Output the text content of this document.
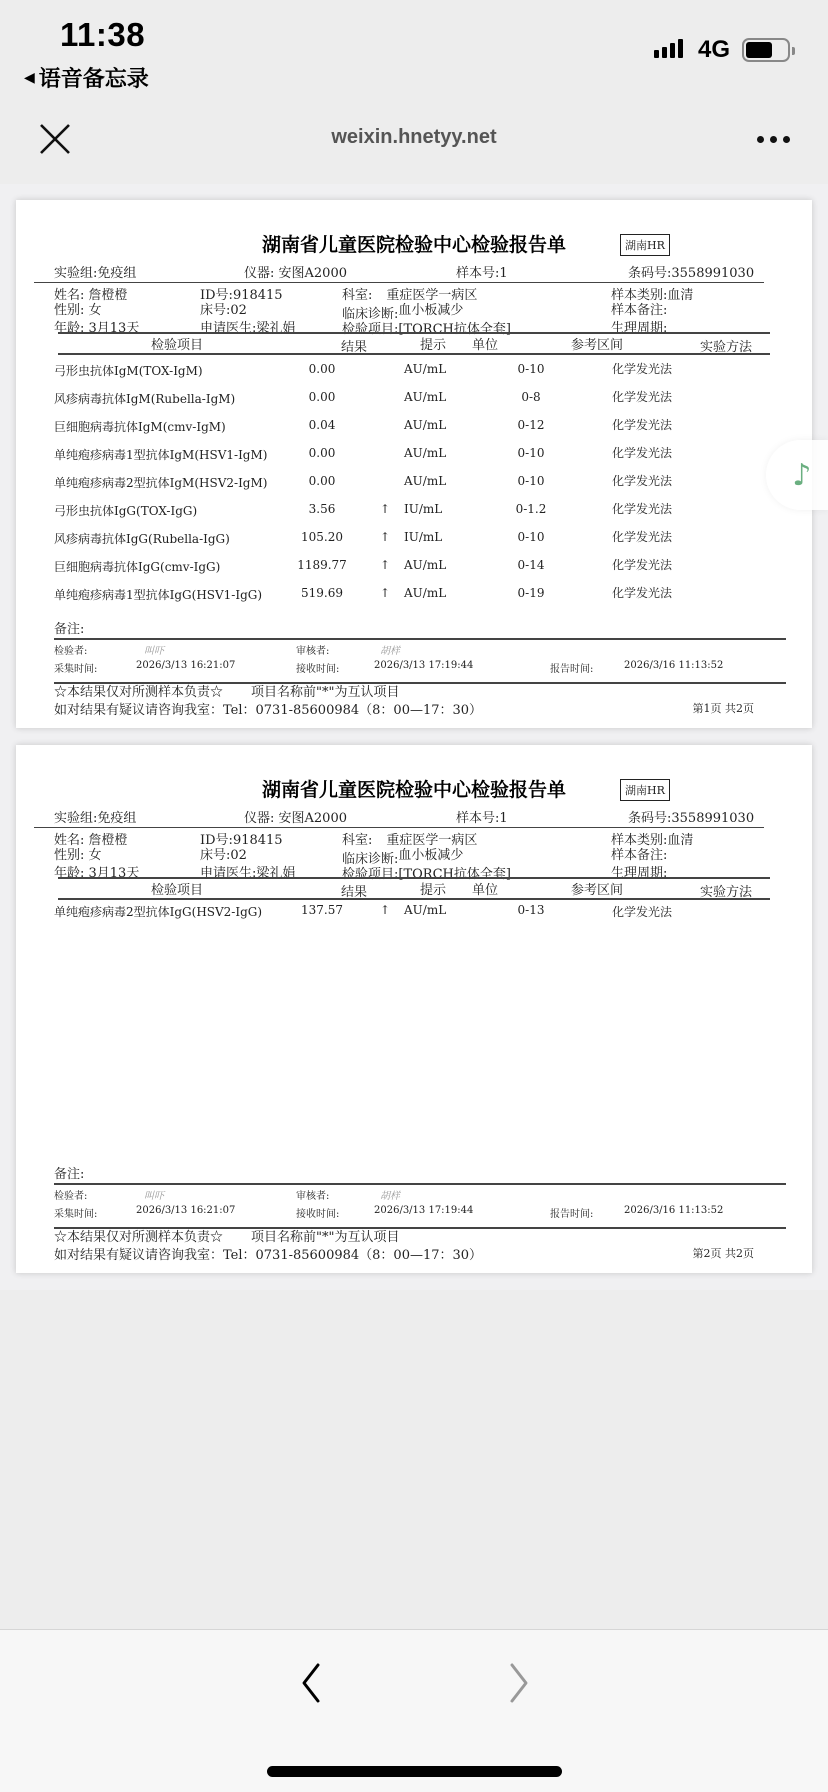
11:38
◀ 语音备忘录
4G
weixin.hnetyy.net
湖南省儿童医院检验中心检验报告单	湖南HR
实验组:免疫组	仪器: 安图A2000	样本号:1	条码号:3558991030
姓名: 詹橙橙
性别: 女
年龄: 3月13天
ID号:918415
床号:02
申请医生:梁礼娟
科室: 重症医学一病区
临床诊断:血小板减少
检验项目:[TORCH抗体全套]
样本类别:血清
样本备注:
生理周期:
检验项目	结果	提示 单位	参考区间	实验方法
弓形虫抗体IgM(TOX-IgM)	0.00	AU/mL	0-10	化学发光法
风疹病毒抗体IgM(Rubella-IgM)	0.00	AU/mL	0-8	化学发光法
巨细胞病毒抗体IgM(cmv-IgM)	0.04	AU/mL	0-12	化学发光法
单纯疱疹病毒1型抗体IgM(HSV1-IgM)	0.00	AU/mL	0-10	化学发光法
单纯疱疹病毒2型抗体IgM(HSV2-IgM)	0.00	AU/mL	0-10	化学发光法
弓形虫抗体IgG(TOX-IgG)	3.56	↑	IU/mL	0-1.2	化学发光法
风疹病毒抗体IgG(Rubella-IgG)	105.20	↑	IU/mL	0-10	化学发光法
巨细胞病毒抗体IgG(cmv-IgG)	1189.77	↑	AU/mL	0-14	化学发光法
单纯疱疹病毒1型抗体IgG(HSV1-IgG)	519.69	↑	AU/mL	0-19	化学发光法
备注:
检验者:	叫吓	审核者:	胡样
采集时间:	2026/3/13 16:21:07	接收时间:	2026/3/13 17:19:44	报告时间:	2026/3/16 11:13:52
☆本结果仅对所测样本负责☆ 项目名称前"*"为互认项目
如对结果有疑议请咨询我室：Tel：0731-85600984（8：00—17：30）	第1页 共2页
湖南省儿童医院检验中心检验报告单	湖南HR
实验组:免疫组	仪器: 安图A2000	样本号:1	条码号:3558991030
姓名: 詹橙橙
性别: 女
年龄: 3月13天
ID号:918415
床号:02
申请医生:梁礼娟
科室: 重症医学一病区
临床诊断:血小板减少
检验项目:[TORCH抗体全套]
样本类别:血清
样本备注:
生理周期:
检验项目	结果	提示 单位	参考区间	实验方法
单纯疱疹病毒2型抗体IgG(HSV2-IgG)	137.57	↑	AU/mL	0-13	化学发光法
备注:
检验者:	叫吓	审核者:	胡样
采集时间:	2026/3/13 16:21:07	接收时间:	2026/3/13 17:19:44	报告时间:	2026/3/16 11:13:52
☆本结果仅对所测样本负责☆ 项目名称前"*"为互认项目
如对结果有疑议请咨询我室：Tel：0731-85600984（8：00—17：30）	第2页 共2页
♪
